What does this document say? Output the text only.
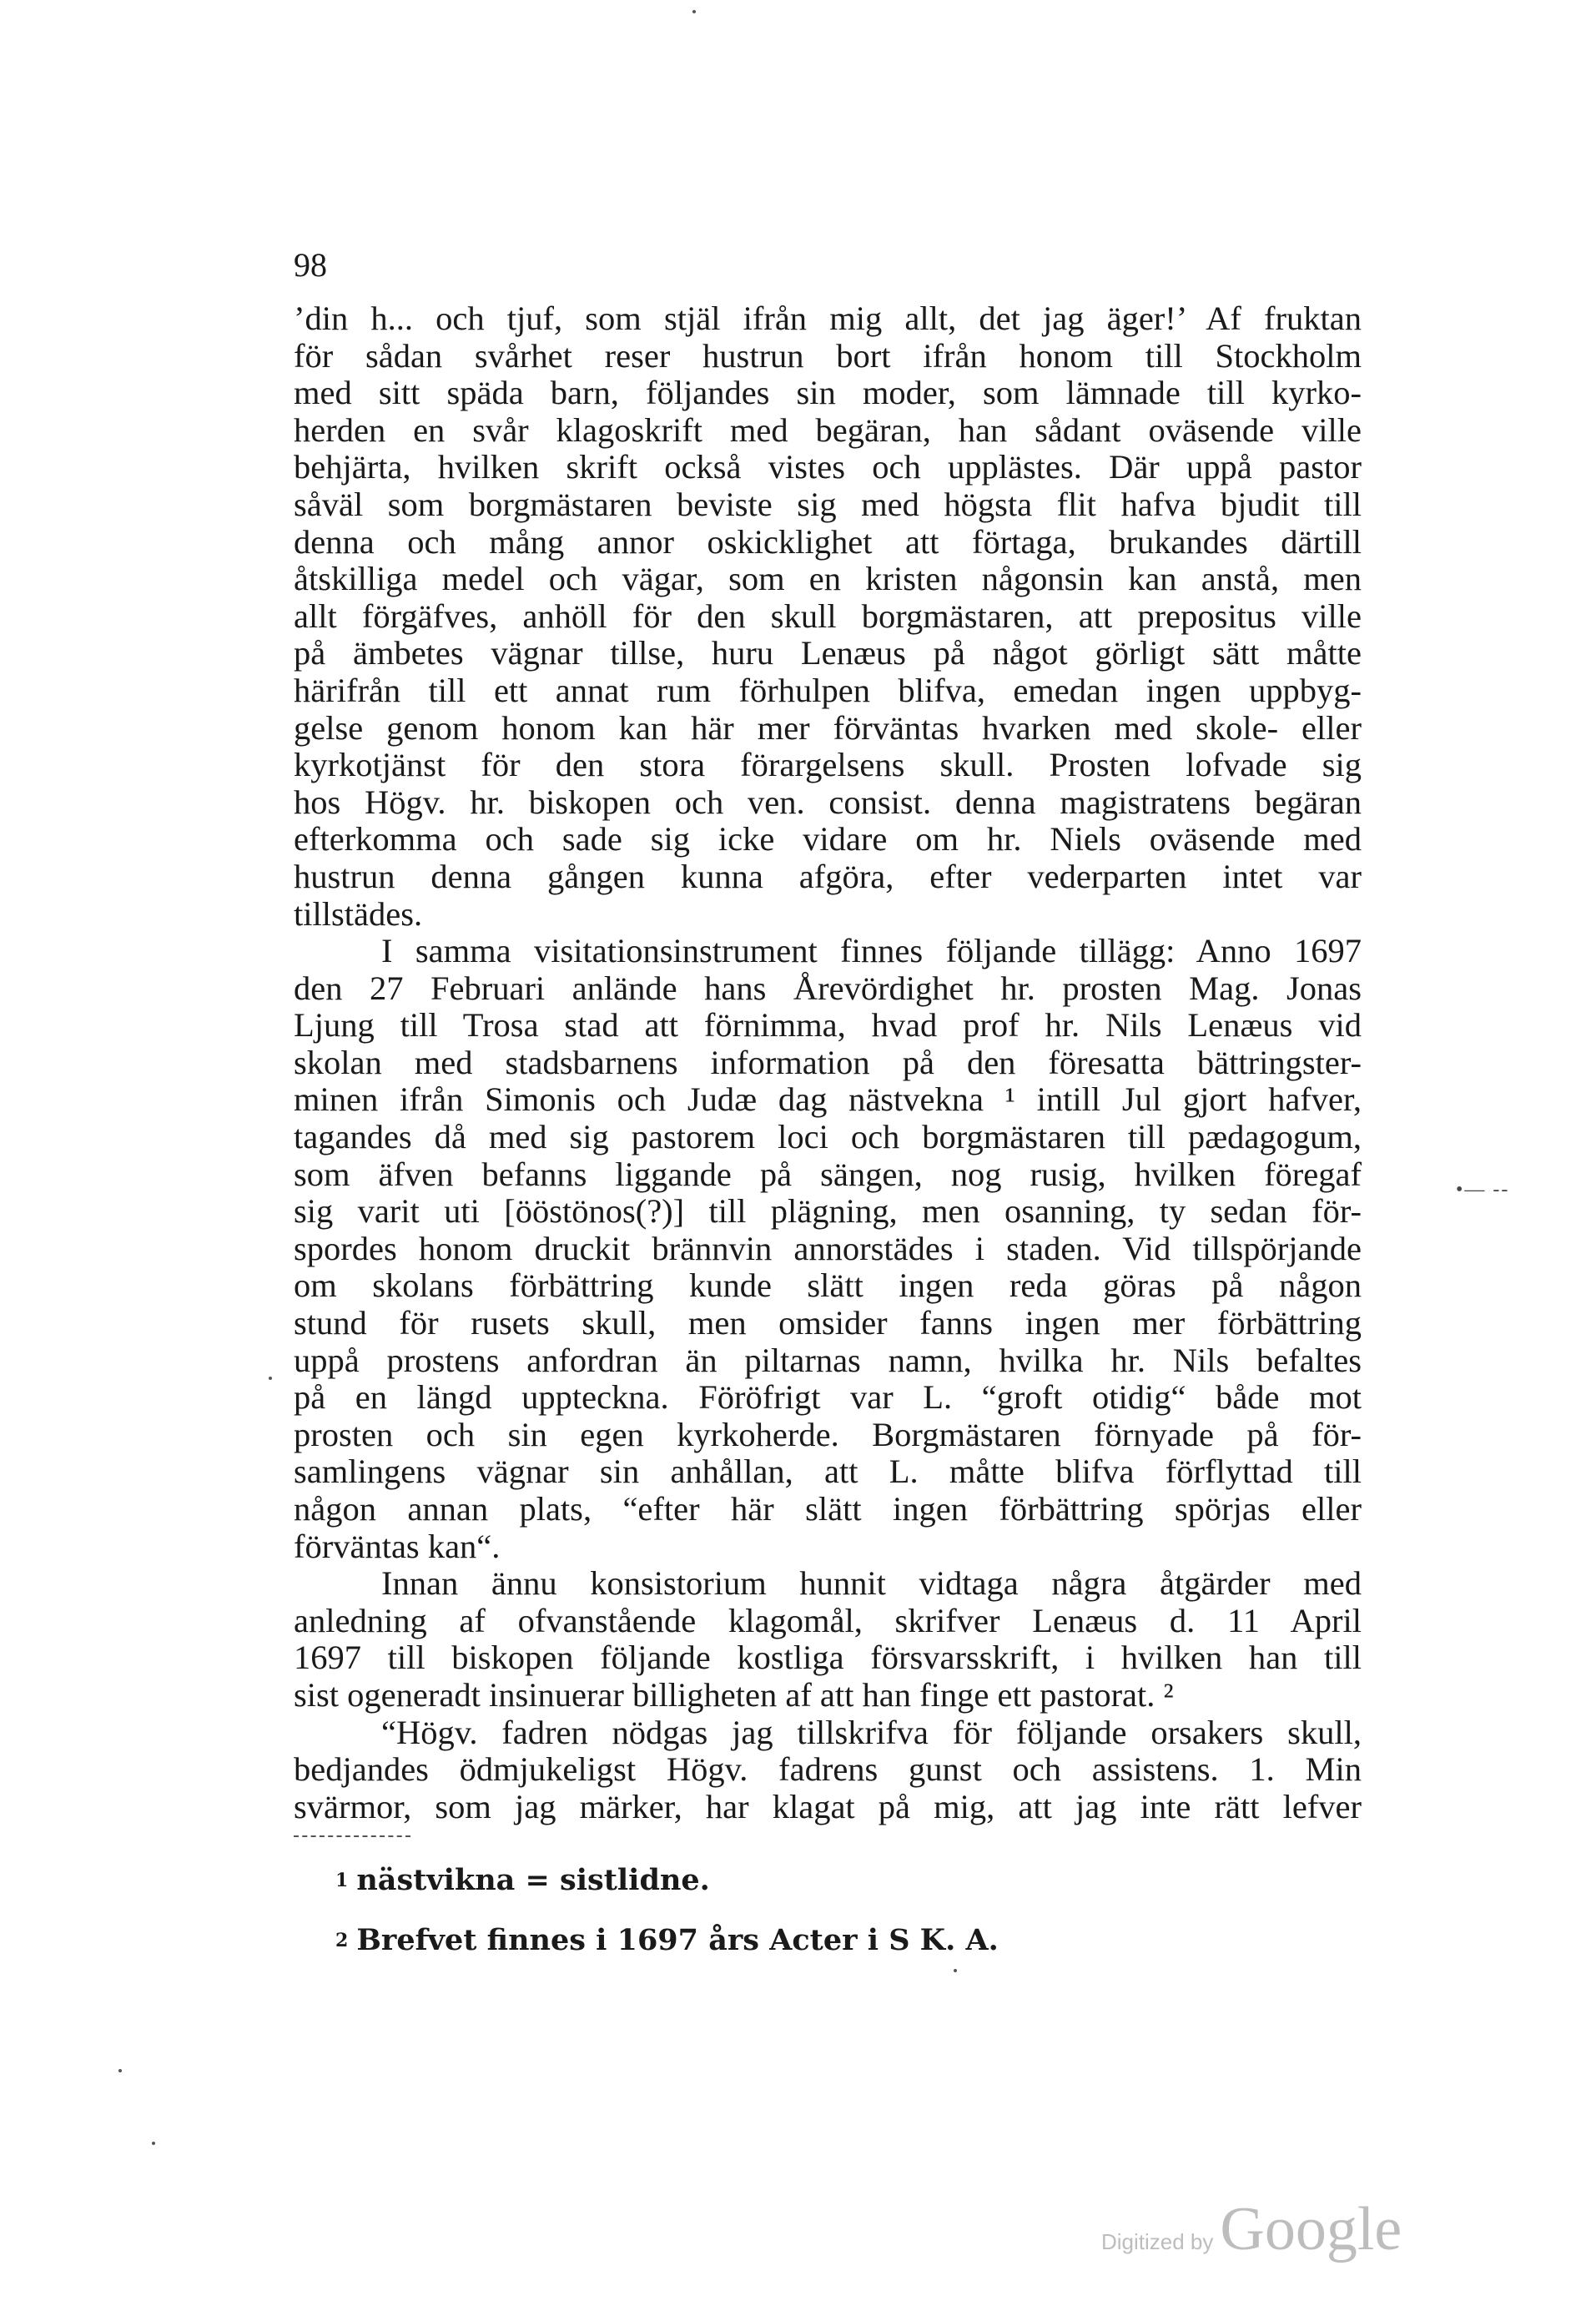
98
’din h... och tjuf, som stjäl ifrån mig allt, det jag äger!’ Af fruktan
för sådan svårhet reser hustrun bort ifrån honom till Stockholm
med sitt späda barn, följandes sin moder, som lämnade till kyrko-
herden en svår klagoskrift med begäran, han sådant oväsende ville
behjärta, hvilken skrift också vistes och upplästes. Där uppå pastor
såväl som borgmästaren beviste sig med högsta flit hafva bjudit till
denna och mång annor oskicklighet att förtaga, brukandes därtill
åtskilliga medel och vägar, som en kristen någonsin kan anstå, men
allt förgäfves, anhöll för den skull borgmästaren, att prepositus ville
på ämbetes vägnar tillse, huru Lenæus på något görligt sätt måtte
härifrån till ett annat rum förhulpen blifva, emedan ingen uppbyg-
gelse genom honom kan här mer förväntas hvarken med skole- eller
kyrkotjänst för den stora förargelsens skull. Prosten lofvade sig
hos Högv. hr. biskopen och ven. consist. denna magistratens begäran
efterkomma och sade sig icke vidare om hr. Niels oväsende med
hustrun denna gången kunna afgöra, efter vederparten intet var
tillstädes.
I samma visitationsinstrument finnes följande tillägg: Anno 1697
den 27 Februari anlände hans Årevördighet hr. prosten Mag. Jonas
Ljung till Trosa stad att förnimma, hvad prof hr. Nils Lenæus vid
skolan med stadsbarnens information på den föresatta bättringster-
minen ifrån Simonis och Judæ dag nästvekna ¹ intill Jul gjort hafver,
tagandes då med sig pastorem loci och borgmästaren till pædagogum,
som äfven befanns liggande på sängen, nog rusig, hvilken föregaf
sig varit uti [ööstönos(?)] till plägning, men osanning, ty sedan för-
spordes honom druckit brännvin annorstädes i staden. Vid tillspörjande
om skolans förbättring kunde slätt ingen reda göras på någon
stund för rusets skull, men omsider fanns ingen mer förbättring
uppå prostens anfordran än piltarnas namn, hvilka hr. Nils befaltes
på en längd uppteckna. Föröfrigt var L. “groft otidig“ både mot
prosten och sin egen kyrkoherde. Borgmästaren förnyade på för-
samlingens vägnar sin anhållan, att L. måtte blifva förflyttad till
någon annan plats, “efter här slätt ingen förbättring spörjas eller
förväntas kan“.
Innan ännu konsistorium hunnit vidtaga några åtgärder med
anledning af ofvanstående klagomål, skrifver Lenæus d. 11 April
1697 till biskopen följande kostliga försvarsskrift, i hvilken han till
sist ogeneradt insinuerar billigheten af att han finge ett pastorat. ²
“Högv. fadren nödgas jag tillskrifva för följande orsakers skull,
bedjandes ödmjukeligst Högv. fadrens gunst och assistens. 1. Min
svärmor, som jag märker, har klagat på mig, att jag inte rätt lefver
$^1$ nästvikna = sistlidne.
$^2$ Brefvet finnes i 1697 års Acter i S K. A.
•— --
Digitized by Google
